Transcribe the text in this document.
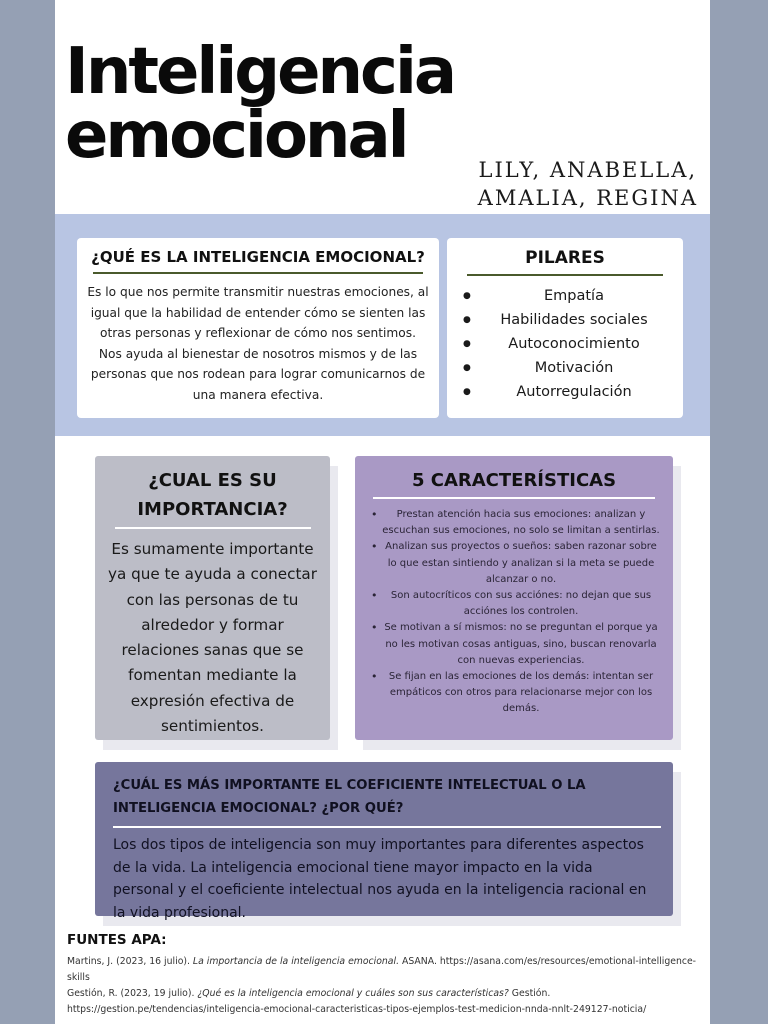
Inteligencia
emocional	LILY, ANABELLA,
AMALIA, REGINA
¿QUÉ ES LA INTELIGENCIA EMOCIONAL?

Es lo que nos permite transmitir nuestras emociones, al igual que la habilidad de entender cómo se sienten las otras personas y reflexionar de cómo nos sentimos. Nos ayuda al bienestar de nosotros mismos y de las personas que nos rodean para lograr comunicarnos de una manera efectiva.

PILARES
● Empatía
● Habilidades sociales
● Autoconocimiento
● Motivación
● Autorregulación
¿CUAL ES SU
IMPORTANCIA?

Es sumamente importante ya que te ayuda a conectar con las personas de tu alrededor y formar relaciones sanas que se fomentan mediante la expresión efectiva de sentimientos.

5 CARACTERÍSTICAS
• Prestan atención hacia sus emociones: analizan y escuchan sus emociones, no solo se limitan a sentirlas.
• Analizan sus proyectos o sueños: saben razonar sobre lo que estan sintiendo y analizan si la meta se puede alcanzar o no.
• Son autocríticos con sus acciónes: no dejan que sus acciónes los controlen.
• Se motivan a sí mismos: no se preguntan el porque ya no les motivan cosas antiguas, sino, buscan renovarla con nuevas experiencias.
• Se fijan en las emociones de los demás: intentan ser empáticos con otros para relacionarse mejor con los demás.
¿CUÁL ES MÁS IMPORTANTE EL COEFICIENTE INTELECTUAL O LA
INTELIGENCIA EMOCIONAL? ¿POR QUÉ?

Los dos tipos de inteligencia son muy importantes para diferentes aspectos de la vida. La inteligencia emocional tiene mayor impacto en la vida personal y el coeficiente intelectual nos ayuda en la inteligencia racional en la vida profesional.

FUNTES APA:

Martins, J. (2023, 16 julio). La importancia de la inteligencia emocional. ASANA. https://asana.com/es/resources/emotional-intelligence-skills

Gestión, R. (2023, 19 julio). ¿Qué es la inteligencia emocional y cuáles son sus características? Gestión. https://gestion.pe/tendencias/inteligencia-emocional-caracteristicas-tipos-ejemplos-test-medicion-nnda-nnlt-249127-noticia/
